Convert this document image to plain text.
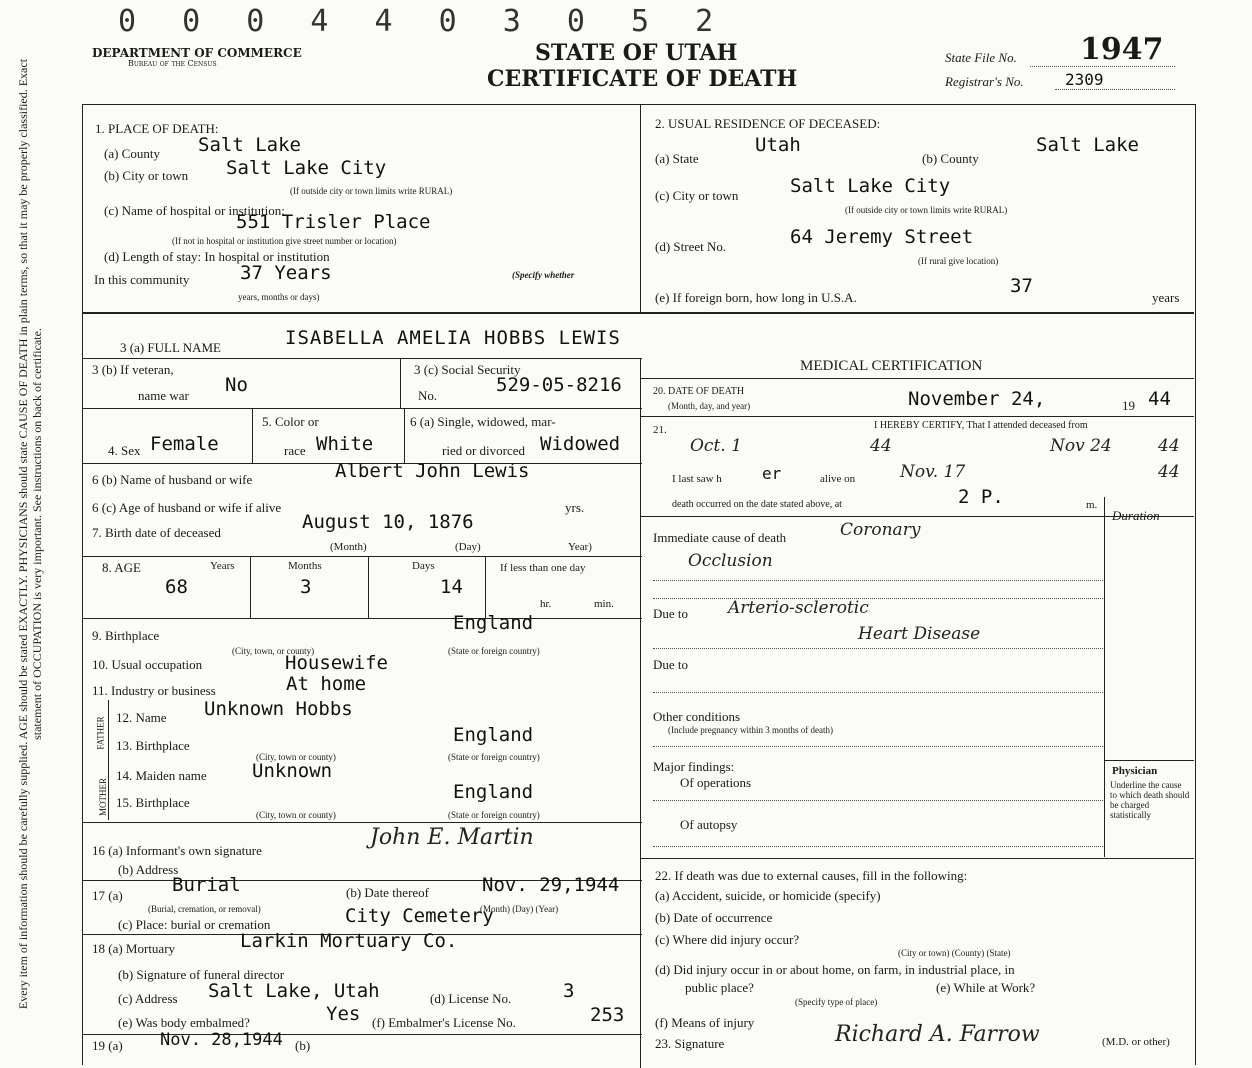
Every item of information should be carefully supplied. AGE should be stated EXACTLY. PHYSICIANS should state CAUSE OF DEATH in plain terms, so that it may be properly classified. Exact statement of OCCUPATION is very important. See instructions on back of certificate.
0 0 0 4 4 0 3 0 5 2
DEPARTMENT OF COMMERCE
Bureau of the Census	STATE OF UTAH
CERTIFICATE OF DEATH
State File No. 1947
Registrar's No.	2309
1. PLACE OF DEATH:
(a) County Salt Lake
(b) City or town Salt Lake City
(If outside city or town limits write RURAL)
(c) Name of hospital or institution:
551 Trisler Place
(If not in hospital or institution give street number or location)
(d) Length of stay: In hospital or institution
In this community	37 Years	(Specify whether
years, months or days)
2. USUAL RESIDENCE OF DECEASED:
(a) State
Utah
(b) County
Salt Lake
(c) City or town	Salt Lake City
(If outside city or town limits write RURAL)
(d) Street No.	64 Jeremy Street
(If rural give location)
(e) If foreign born, how long in U.S.A.
37
years
3 (a) FULL NAME	ISABELLA AMELIA HOBBS LEWIS
MEDICAL CERTIFICATION
3 (b) If veteran,
name war No
3 (c) Social Security
No.	529-05-8216
4. Sex Female
5. Color or
race White
6 (a) Single, widowed, mar-
ried or divorced Widowed
6 (b) Name of husband or wife	Albert John Lewis
6 (c) Age of husband or wife if alive	yrs.
7. Birth date of deceased	August 10, 1876
(Month)	(Day)	Year)
8. AGE	Years	Months	Days	If less than one day
68	3	14
hr.	min.
9. Birthplace
England
(City, town, or county)	(State or foreign country)
10. Usual occupation	Housewife
11. Industry or business	At home
FATHER
MOTHER
12. Name Unknown Hobbs
13. Birthplace	England
(City, town or county)	(State or foreign country)
14. Maiden name Unknown
15. Birthplace	England
(City, town or county)	(State or foreign country)
16 (a) Informant's own signature
John E. Martin
(b) Address
17 (a)	Burial
(Burial, cremation, or removal)
(b) Date thereof	Nov. 29,1944
(Month) (Day) (Year)
(c) Place: burial or cremation	City Cemetery
18 (a) Mortuary	Larkin Mortuary Co.
(b) Signature of funeral director
(c) Address Salt Lake, Utah	(d) License No.	3
(e) Was body embalmed?	Yes (f) Embalmer's License No.	253
19 (a) Nov. 28,1944 (b)
20. DATE OF DEATH
(Month, day, and year)	November 24,	19 44
21.	I HEREBY CERTIFY, That I attended deceased from
Oct. 1	44	Nov 24	44
I last saw h	er	alive on	Nov. 17	44
death occurred on the date stated above, at	2 P.	m.
Duration
Immediate cause of death	Coronary
Occlusion
Due to Arterio-sclerotic
Heart Disease
Due to
Other conditions
(Include pregnancy within 3 months of death)
Major findings:
Of operations
Of autopsy
Physician
Underline the cause to which death should be charged statistically
22. If death was due to external causes, fill in the following:
(a) Accident, suicide, or homicide (specify)
(b) Date of occurrence
(c) Where did injury occur?
(City or town) (County) (State)
(d) Did injury occur in or about home, on farm, in industrial place, in
public place?
(Specify type of place)
(e) While at Work?
(f) Means of injury
23. Signature	Richard A. Farrow	(M.D. or other)
